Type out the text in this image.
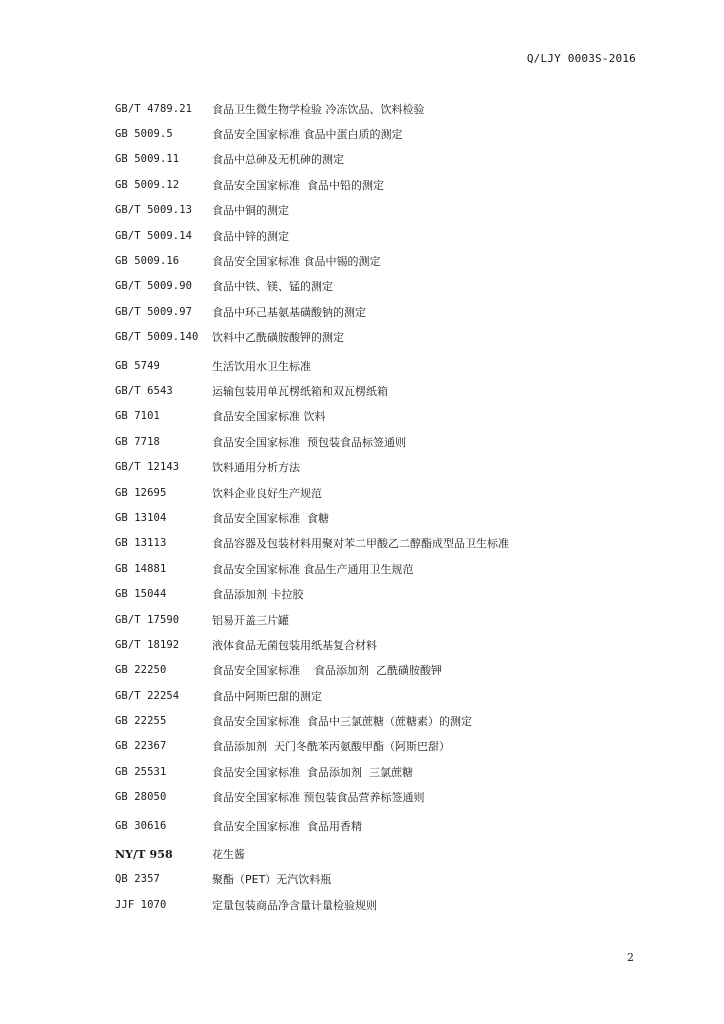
Q/LJY 0003S-2016
GB/T 4789.21	食品卫生微生物学检验 冷冻饮品、饮料检验
GB 5009.5	食品安全国家标准 食品中蛋白质的测定
GB 5009.11	食品中总砷及无机砷的测定
GB 5009.12	食品安全国家标准  食品中铅的测定
GB/T 5009.13	食品中铜的测定
GB/T 5009.14	食品中锌的测定
GB 5009.16	食品安全国家标准 食品中锡的测定
GB/T 5009.90	食品中铁、镁、锰的测定
GB/T 5009.97	食品中环己基氨基磺酸钠的测定
GB/T 5009.140	饮料中乙酰磺胺酸钾的测定
GB 5749	生活饮用水卫生标准
GB/T 6543	运输包装用单瓦楞纸箱和双瓦楞纸箱
GB 7101	食品安全国家标准 饮料
GB 7718	食品安全国家标准  预包装食品标签通则
GB/T 12143	饮料通用分析方法
GB 12695	饮料企业良好生产规范
GB 13104	食品安全国家标准  食糖
GB 13113	食品容器及包装材料用聚对苯二甲酸乙二醇酯成型品卫生标准
GB 14881	食品安全国家标准 食品生产通用卫生规范
GB 15044	食品添加剂 卡拉胶
GB/T 17590	铝易开盖三片罐
GB/T 18192	液体食品无菌包装用纸基复合材料
GB 22250	食品安全国家标准    食品添加剂  乙酰磺胺酸钾
GB/T 22254	食品中阿斯巴甜的测定
GB 22255	食品安全国家标准  食品中三氯蔗糖（蔗糖素）的测定
GB 22367	食品添加剂  天门冬酰苯丙氨酸甲酯（阿斯巴甜）
GB 25531	食品安全国家标准  食品添加剂  三氯蔗糖
GB 28050	食品安全国家标准 预包装食品营养标签通则
GB 30616	食品安全国家标准  食品用香精
NY/T 958	花生酱
QB 2357	聚酯（PET）无汽饮料瓶
JJF 1070	定量包装商品净含量计量检验规则
2
